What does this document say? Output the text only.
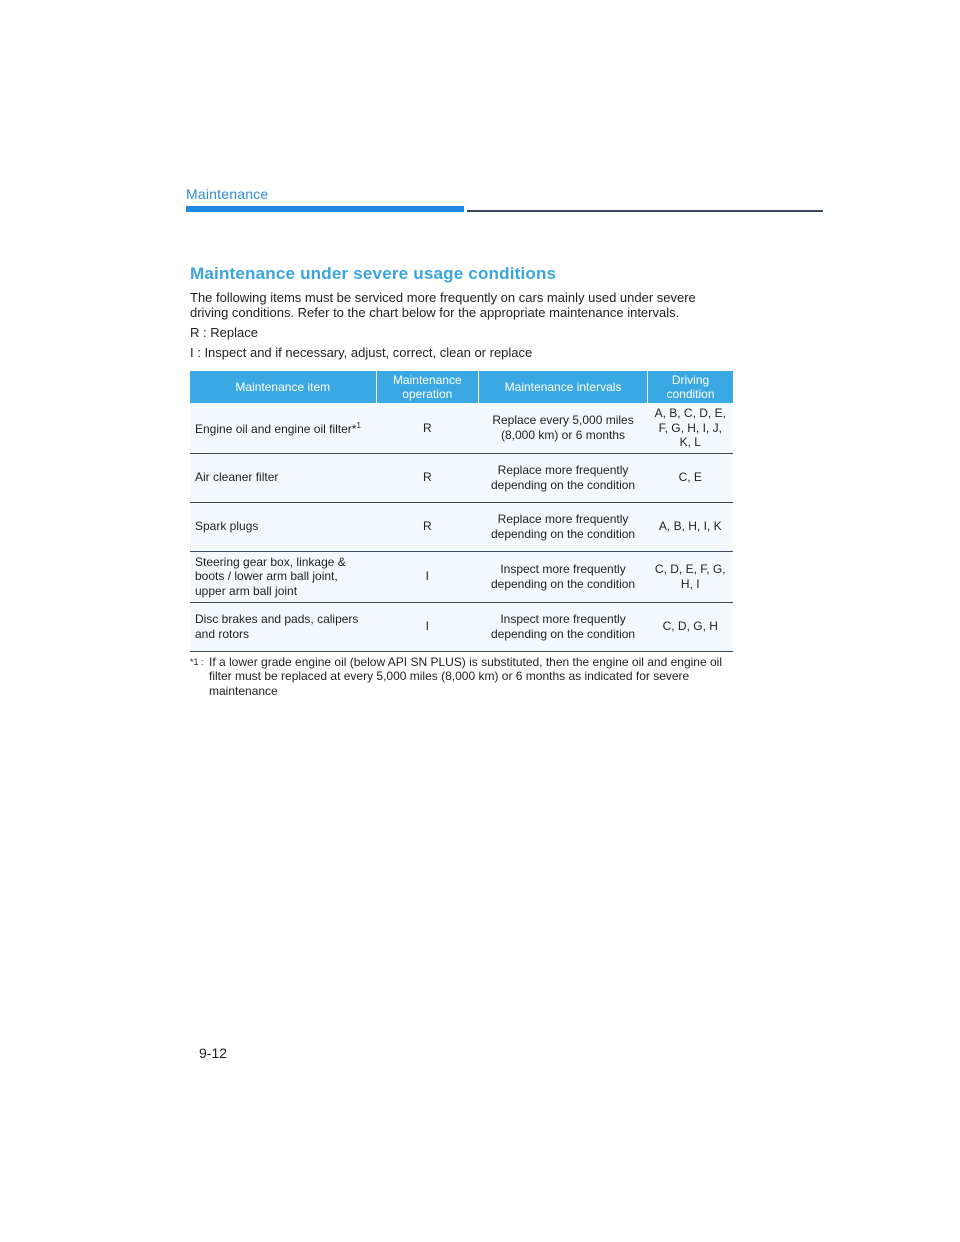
Maintenance
Maintenance under severe usage conditions

The following items must be serviced more frequently on cars mainly used under severe driving conditions. Refer to the chart below for the appropriate maintenance intervals.

R : Replace

I : Inspect and if necessary, adjust, correct, clean or replace

Maintenance item	Maintenance operation	Maintenance intervals	Driving condition
Engine oil and engine oil filter*$^1$	R	Replace every 5,000 miles (8,000 km) or 6 months	A, B, C, D, E, F, G, H, I, J, K, L
Air cleaner filter	R	Replace more frequently depending on the condition	C, E
Spark plugs	R	Replace more frequently depending on the condition	A, B, H, I, K
Steering gear box, linkage & boots / lower arm ball joint, upper arm ball joint	I	Inspect more frequently depending on the condition	C, D, E, F, G, H, I
Disc brakes and pads, calipers and rotors	I	Inspect more frequently depending on the condition	C, D, G, H
*1 : If a lower grade engine oil (below API SN PLUS) is substituted, then the engine oil and engine oil filter must be replaced at every 5,000 miles (8,000 km) or 6 months as indicated for severe maintenance
9-12
